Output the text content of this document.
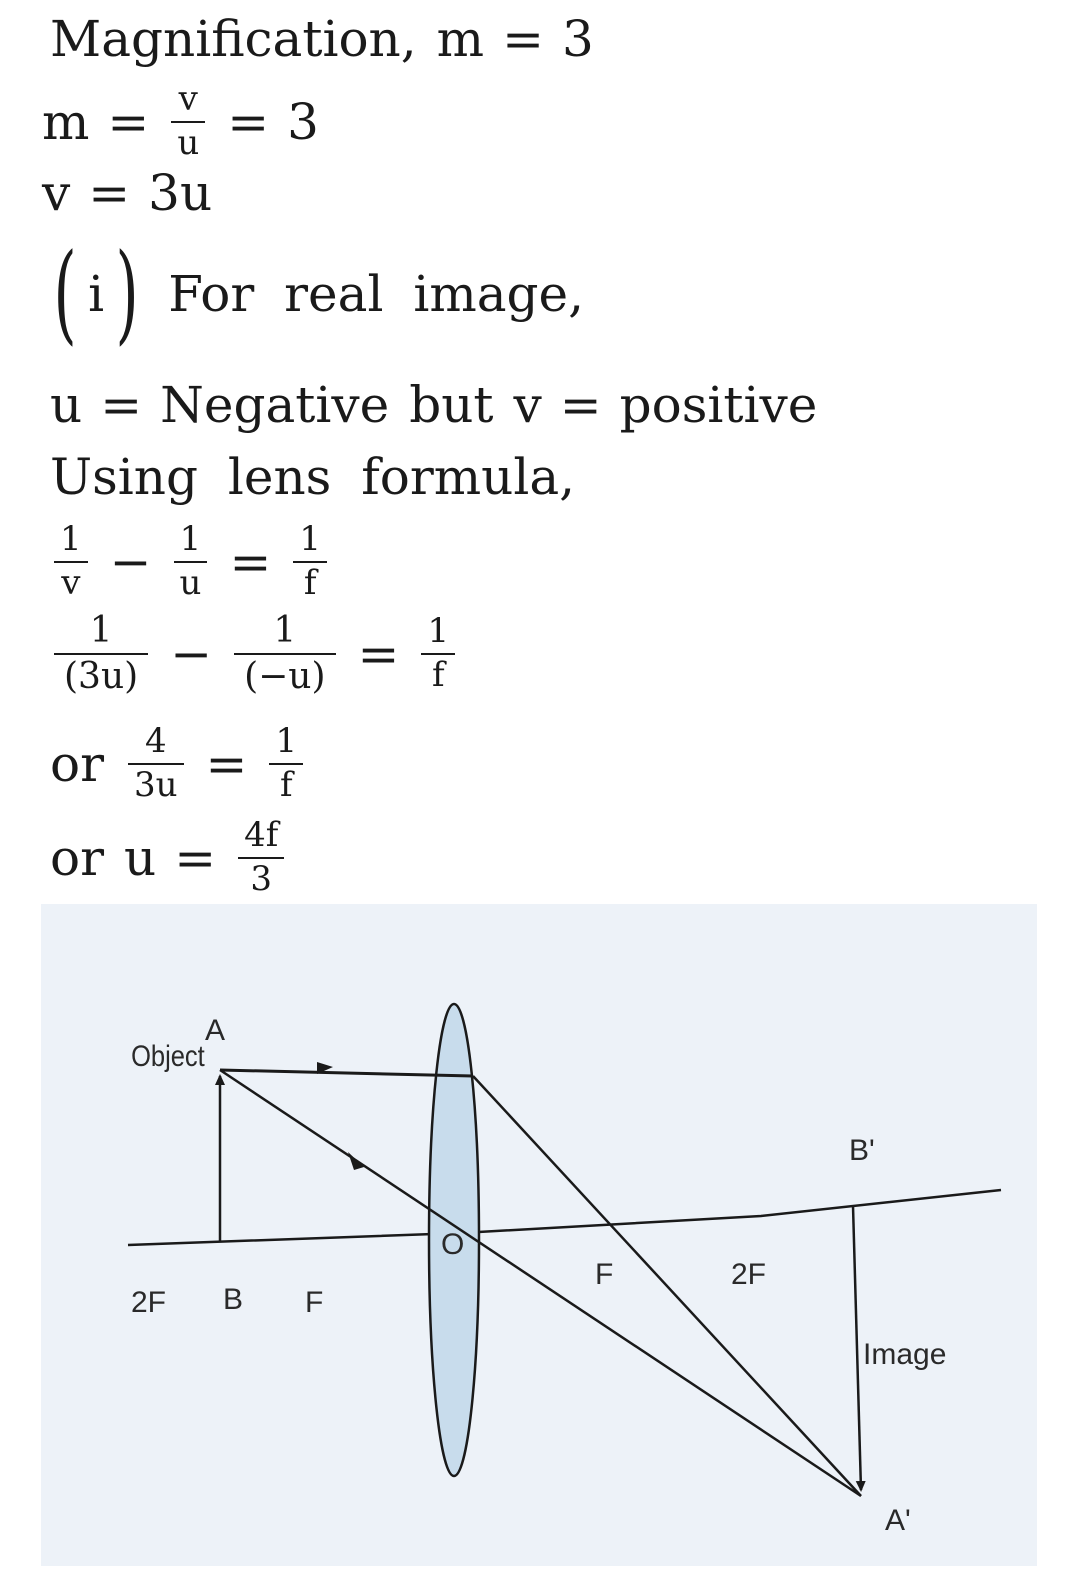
Magnification, m = 3
$m = \frac{v}{u} = 3$
v = 3u
( i ) For real image,
u = Negative but v = positive
Using lens formula,
$\frac{1}{v} - \frac{1}{u} = \frac{1}{f}$
$\frac{1}{(3u)} - \frac{1}{(-u)} = \frac{1}{f}$
or $\frac{4}{3u} = \frac{1}{f}$
or $u = \frac{4f}{3}$
Object
A
B F
2F
O
F	2F
B'
Image
A'
